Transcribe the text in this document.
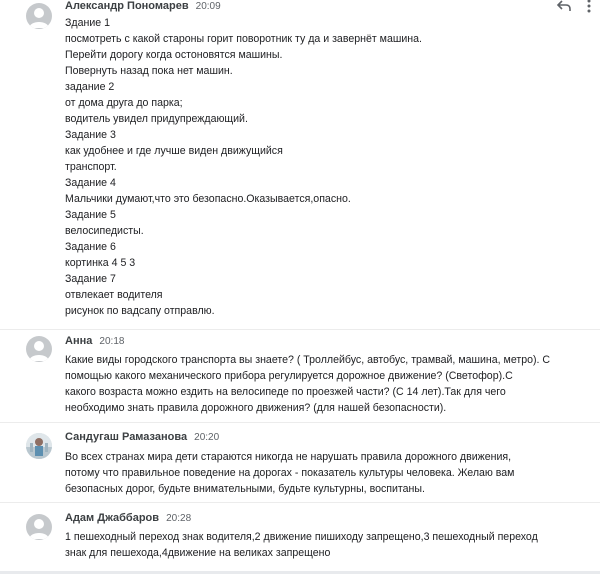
Александр Пономарев 20:09
Здание 1
посмотреть с какой староны горит поворотник ту да и завернёт машина.
Перейти дорогу когда остоновятся машины.
Повернуть назад пока нет машин.
задание 2
от дома друга до парка;
водитель увидел придупреждающий.
Задание 3
как удобнее и где лучше виден движущийся
транспорт.
Задание 4
Мальчики думают,что это безопасно.Оказывается,опасно.
Задание 5
велосипедисты.
Задание 6
кортинка 4 5 3
Задание 7
отвлекает водителя
рисунок по вадсапу отправлю.
Анна 20:18
Какие виды городского транспорта вы знаете? ( Троллейбус, автобус, трамвай, машина, метро). С
помощью какого механического прибора регулируется дорожное движение? (Светофор).С
какого возраста можно ездить на велосипеде по проезжей части? (С 14 лет).Так для чего
необходимо знать правила дорожного движения? (для нашей безопасности).
Сандугаш Рамазанова 20:20
Во всех странах мира дети стараются никогда не нарушать правила дорожного движения,
потому что правильное поведение на дорогах - показатель культуры человека. Желаю вам
безопасных дорог, будьте внимательными, будьте культурны, воспитаны.
Адам Джаббаров 20:28
1 пешеходный переход знак водителя,2 движение пишиходу запрещено,3 пешеходный переход
знак для пешехода,4движение на великах запрещено
